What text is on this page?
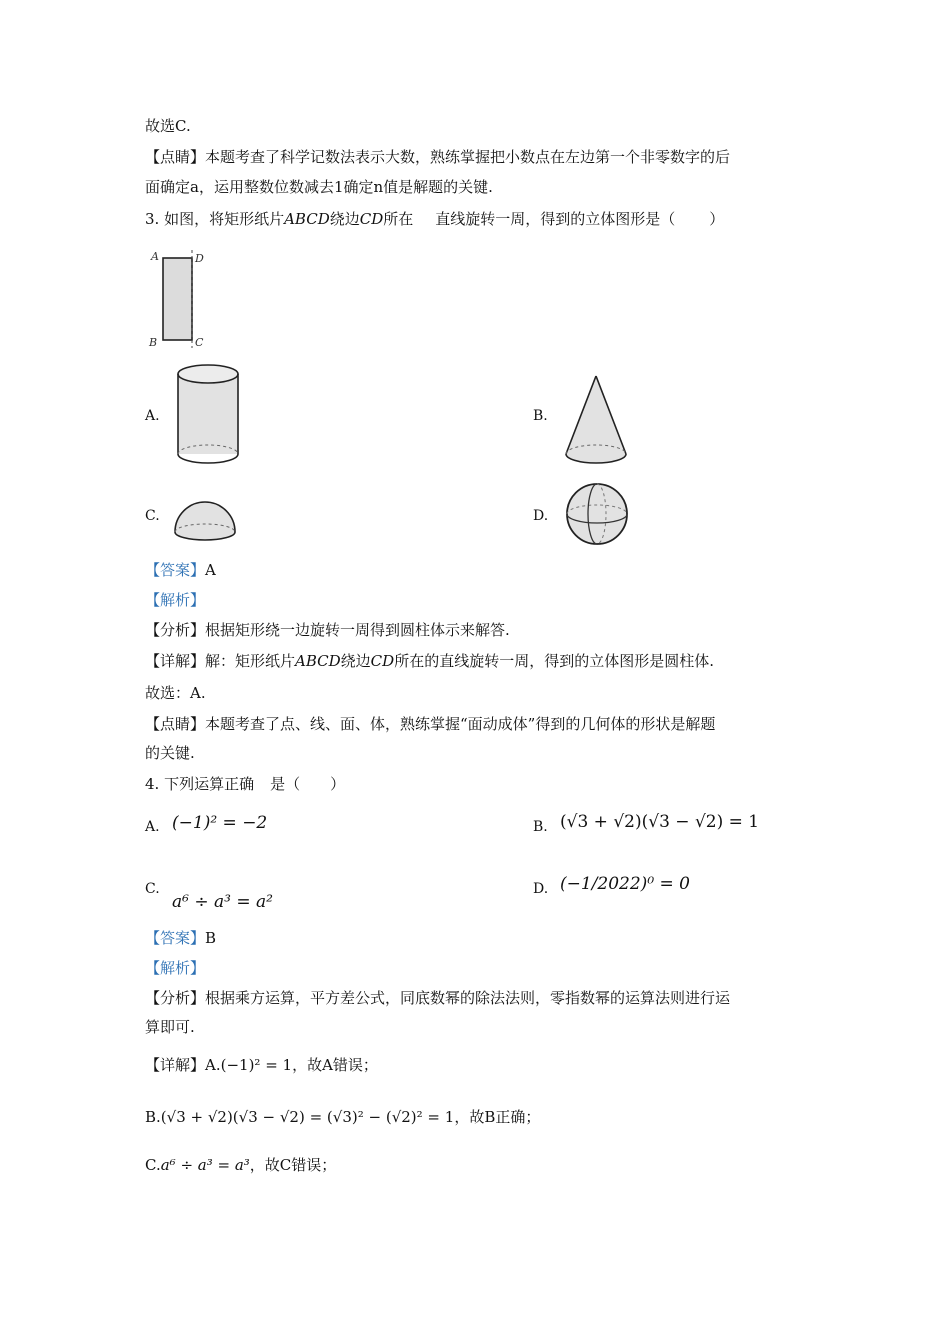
故选C.
【点睛】本题考查了科学记数法表示大数，熟练掌握把小数点在左边第一个非零数字的后
面确定a，运用整数位数减去1确定n值是解题的关键.
3. 如图，将矩形纸片ABCD绕边CD所在 直线旋转一周，得到的立体图形是（ ）
A	D
B	C
A.	B.
C.	D.
【答案】A
【解析】
【分析】根据矩形绕一边旋转一周得到圆柱体示来解答.
【详解】解：矩形纸片ABCD绕边CD所在的直线旋转一周，得到的立体图形是圆柱体.
故选：A.
【点睛】本题考查了点、线、面、体，熟练掌握“面动成体”得到的几何体的形状是解题
的关键.
4. 下列运算正确 是（ ）
A. (−1)² = −2	B. (√3 + √2)(√3 − √2) = 1
C.
a⁶ ÷ a³ = a²
D. (−1/2022)⁰ = 0
【答案】B
【解析】
【分析】根据乘方运算，平方差公式，同底数幂的除法法则，零指数幂的运算法则进行运
算即可.
【详解】A.(−1)² = 1，故A错误；
B.(√3 + √2)(√3 − √2) = (√3)² − (√2)² = 1，故B正确；
C.a⁶ ÷ a³ = a³，故C错误；
